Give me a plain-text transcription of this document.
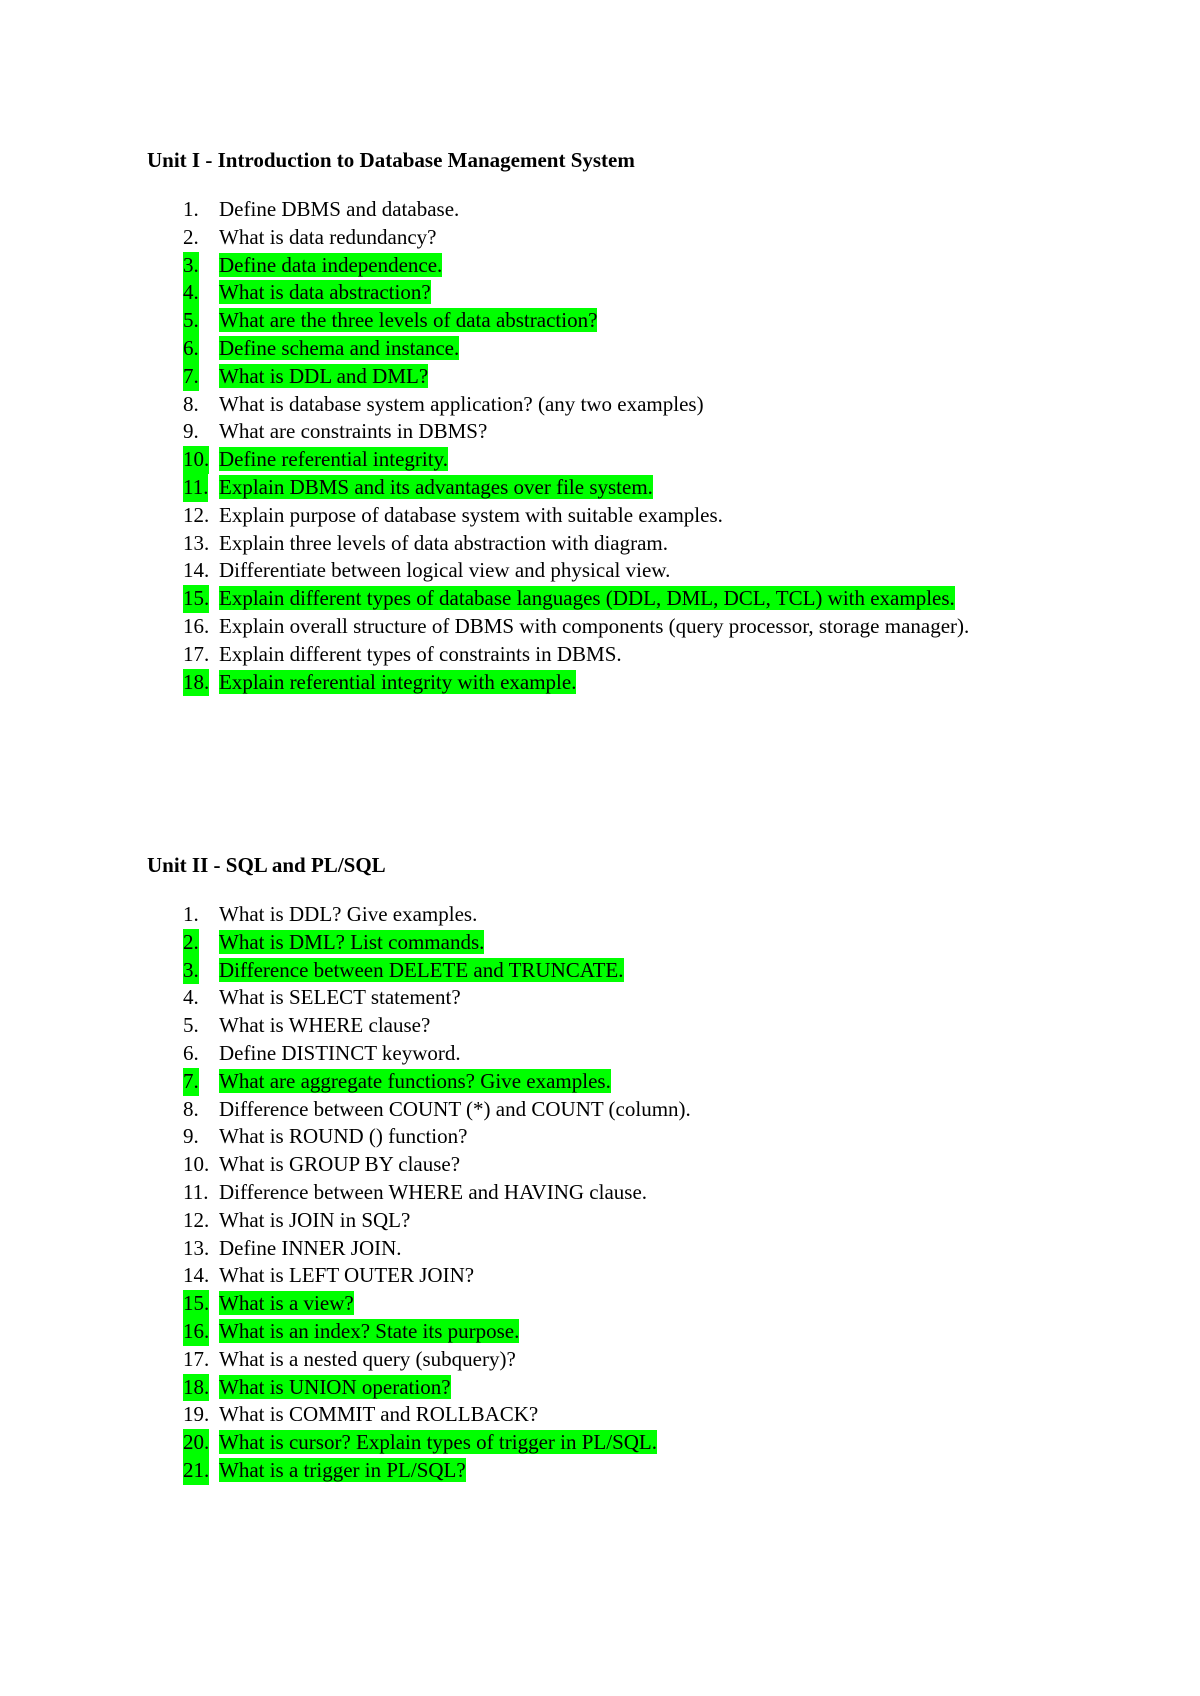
Unit I - Introduction to Database Management System
1. Define DBMS and database.
2. What is data redundancy?
3. Define data independence.
4. What is data abstraction?
5. What are the three levels of data abstraction?
6. Define schema and instance.
7. What is DDL and DML?
8. What is database system application? (any two examples)
9. What are constraints in DBMS?
10. Define referential integrity.
11. Explain DBMS and its advantages over file system.
12. Explain purpose of database system with suitable examples.
13. Explain three levels of data abstraction with diagram.
14. Differentiate between logical view and physical view.
15. Explain different types of database languages (DDL, DML, DCL, TCL) with examples.
16. Explain overall structure of DBMS with components (query processor, storage manager).
17. Explain different types of constraints in DBMS.
18. Explain referential integrity with example.
Unit II - SQL and PL/SQL
1. What is DDL? Give examples.
2. What is DML? List commands.
3. Difference between DELETE and TRUNCATE.
4. What is SELECT statement?
5. What is WHERE clause?
6. Define DISTINCT keyword.
7. What are aggregate functions? Give examples.
8. Difference between COUNT (*) and COUNT (column).
9. What is ROUND () function?
10. What is GROUP BY clause?
11. Difference between WHERE and HAVING clause.
12. What is JOIN in SQL?
13. Define INNER JOIN.
14. What is LEFT OUTER JOIN?
15. What is a view?
16. What is an index? State its purpose.
17. What is a nested query (subquery)?
18. What is UNION operation?
19. What is COMMIT and ROLLBACK?
20. What is cursor? Explain types of trigger in PL/SQL.
21. What is a trigger in PL/SQL?
